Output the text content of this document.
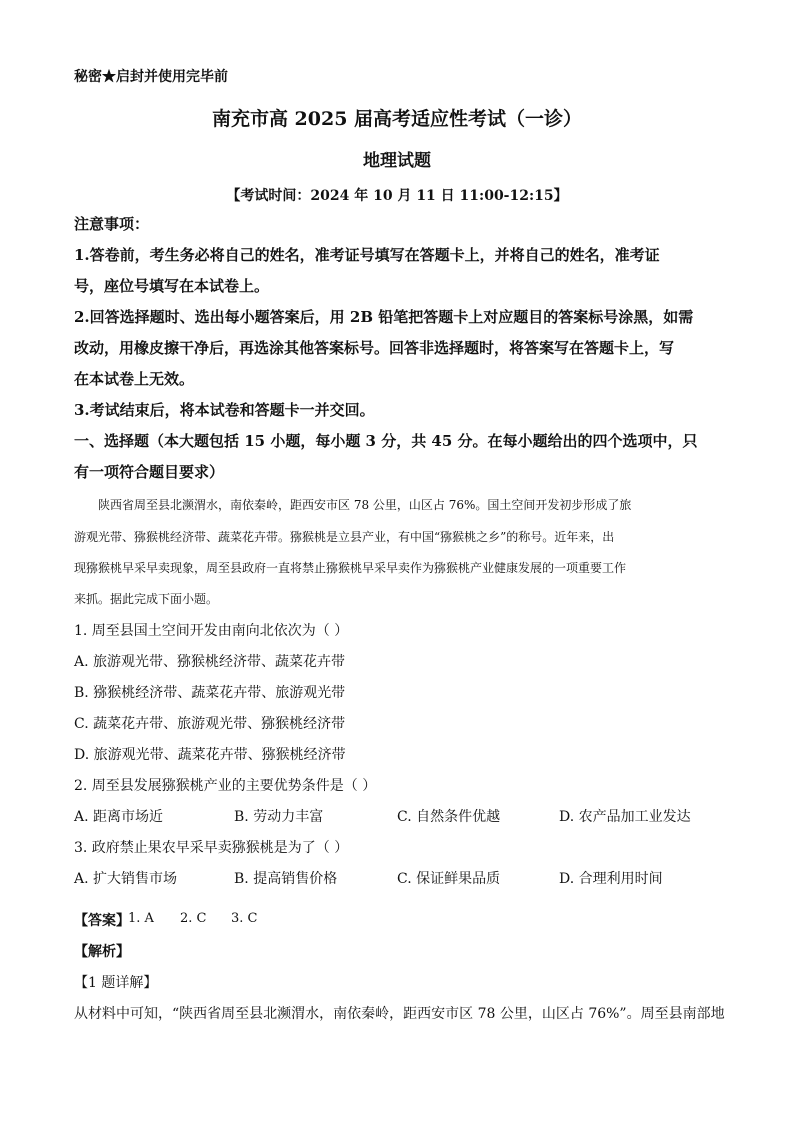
秘密★启封并使用完毕前
南充市高 2025 届高考适应性考试（一诊）
地理试题
【考试时间：2024 年 10 月 11 日 11:00-12:15】
注意事项：
1.答卷前，考生务必将自己的姓名，准考证号填写在答题卡上，并将自己的姓名，准考证
号，座位号填写在本试卷上。
2.回答选择题时、选出每小题答案后，用 2B 铅笔把答题卡上对应题目的答案标号涂黑，如需
改动，用橡皮擦干净后，再选涂其他答案标号。回答非选择题时，将答案写在答题卡上，写
在本试卷上无效。
3.考试结束后，将本试卷和答题卡一并交回。
一、选择题（本大题包括 15 小题，每小题 3 分，共 45 分。在每小题给出的四个选项中，只
有一项符合题目要求）
陕西省周至县北濒渭水，南依秦岭，距西安市区 78 公里，山区占 76%。国土空间开发初步形成了旅
游观光带、猕猴桃经济带、蔬菜花卉带。猕猴桃是立县产业，有中国“猕猴桃之乡”的称号。近年来，出
现猕猴桃早采早卖现象，周至县政府一直将禁止猕猴桃早采早卖作为猕猴桃产业健康发展的一项重要工作
来抓。据此完成下面小题。
1. 周至县国土空间开发由南向北依次为（ ）
A. 旅游观光带、猕猴桃经济带、蔬菜花卉带
B. 猕猴桃经济带、蔬菜花卉带、旅游观光带
C. 蔬菜花卉带、旅游观光带、猕猴桃经济带
D. 旅游观光带、蔬菜花卉带、猕猴桃经济带
2. 周至县发展猕猴桃产业的主要优势条件是（ ）
A. 距离市场近	B. 劳动力丰富	C. 自然条件优越	D. 农产品加工业发达
3. 政府禁止果农早采早卖猕猴桃是为了（ ）
A. 扩大销售市场	B. 提高销售价格	C. 保证鲜果品质	D. 合理利用时间
【答案】
1. A 2. C 3. C
【解析】
【1 题详解】
从材料中可知，“陕西省周至县北濒渭水，南依秦岭，距西安市区 78 公里，山区占 76%”。周至县南部地
